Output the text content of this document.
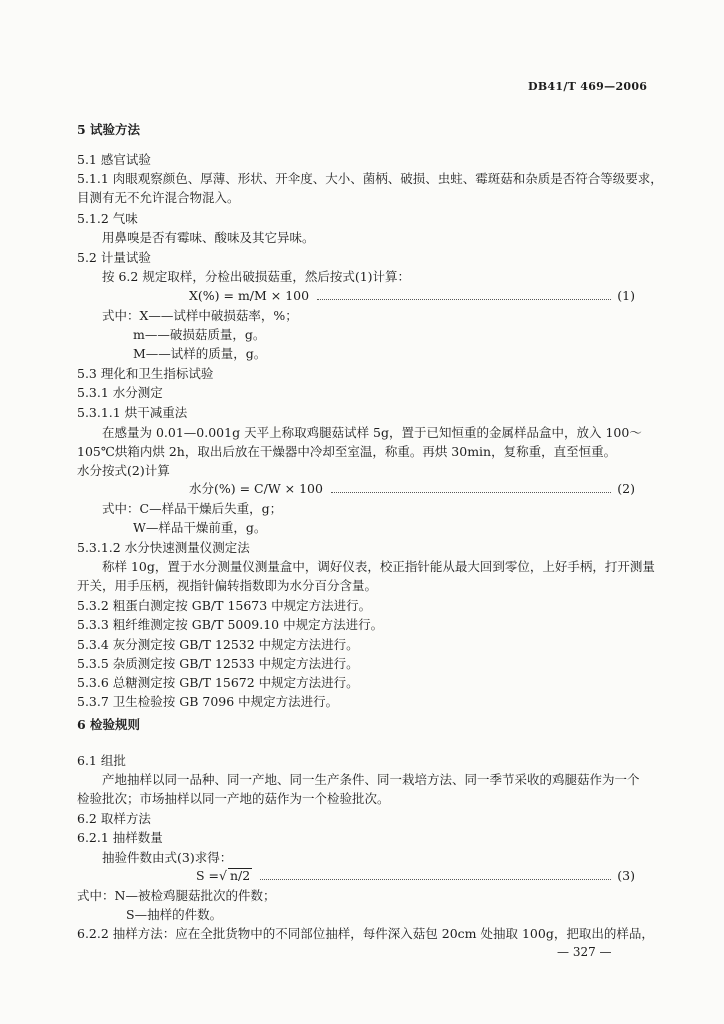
DB41/T 469—2006
5 试验方法
5.1 感官试验
5.1.1 肉眼观察颜色、厚薄、形状、开伞度、大小、菌柄、破损、虫蛀、霉斑菇和杂质是否符合等级要求，
目测有无不允许混合物混入。
5.1.2 气味
用鼻嗅是否有霉味、酸味及其它异味。
5.2 计量试验
按 6.2 规定取样，分检出破损菇重，然后按式(1)计算：
X(%) = m/M × 100	(1)
式中：X——试样中破损菇率，%；
m——破损菇质量，g。
M——试样的质量，g。
5.3 理化和卫生指标试验
5.3.1 水分测定
5.3.1.1 烘干减重法
在感量为 0.01—0.001g 天平上称取鸡腿菇试样 5g，置于已知恒重的金属样品盒中，放入 100～
105℃烘箱内烘 2h，取出后放在干燥器中冷却至室温，称重。再烘 30min，复称重，直至恒重。
水分按式(2)计算
水分(%) = C/W × 100	(2)
式中：C—样品干燥后失重，g；
W—样品干燥前重，g。
5.3.1.2 水分快速测量仪测定法
称样 10g，置于水分测量仪测量盒中，调好仪表，校正指针能从最大回到零位，上好手柄，打开测量
开关，用手压柄，视指针偏转指数即为水分百分含量。
5.3.2 粗蛋白测定按 GB/T 15673 中规定方法进行。
5.3.3 粗纤维测定按 GB/T 5009.10 中规定方法进行。
5.3.4 灰分测定按 GB/T 12532 中规定方法进行。
5.3.5 杂质测定按 GB/T 12533 中规定方法进行。
5.3.6 总糖测定按 GB/T 15672 中规定方法进行。
5.3.7 卫生检验按 GB 7096 中规定方法进行。
6 检验规则
6.1 组批
产地抽样以同一品种、同一产地、同一生产条件、同一栽培方法、同一季节采收的鸡腿菇作为一个
检验批次；市场抽样以同一产地的菇作为一个检验批次。
6.2 取样方法
6.2.1 抽样数量
抽验件数由式(3)求得：
S = √ n/2	(3)
式中：N—被检鸡腿菇批次的件数；
S—抽样的件数。
6.2.2 抽样方法：应在全批货物中的不同部位抽样，每件深入菇包 20cm 处抽取 100g，把取出的样品，
— 327 —
